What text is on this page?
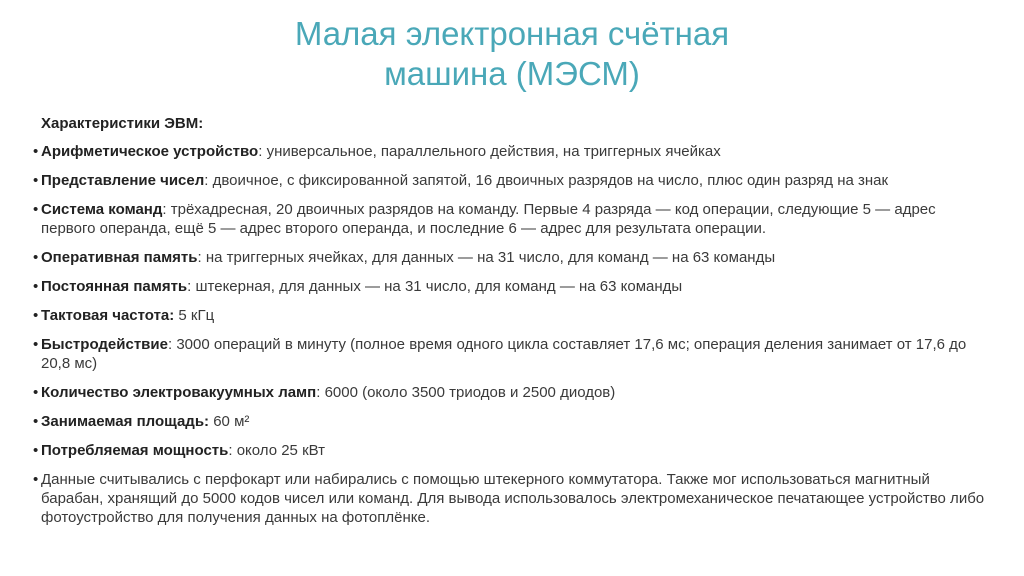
Малая электронная счётная
машина (МЭСМ)
Характеристики ЭВМ:
• Арифметическое устройство: универсальное, параллельного действия, на триггерных ячейках
• Представление чисел: двоичное, с фиксированной запятой, 16 двоичных разрядов на число, плюс один разряд на знак
• Система команд: трёхадресная, 20 двоичных разрядов на команду. Первые 4 разряда — код операции, следующие 5 — адрес первого операнда, ещё 5 — адрес второго операнда, и последние 6 — адрес для результата операции.
• Оперативная память: на триггерных ячейках, для данных — на 31 число, для команд — на 63 команды
• Постоянная память: штекерная, для данных — на 31 число, для команд — на 63 команды
• Тактовая частота: 5 кГц
• Быстродействие: 3000 операций в минуту (полное время одного цикла составляет 17,6 мс; операция деления занимает от 17,6 до 20,8 мс)
• Количество электровакуумных ламп: 6000 (около 3500 триодов и 2500 диодов)
• Занимаемая площадь: 60 м²
• Потребляемая мощность: около 25 кВт
• Данные считывались с перфокарт или набирались с помощью штекерного коммутатора. Также мог использоваться магнитный барабан, хранящий до 5000 кодов чисел или команд. Для вывода использовалось электромеханическое печатающее устройство либо фотоустройство для получения данных на фотоплёнке.
